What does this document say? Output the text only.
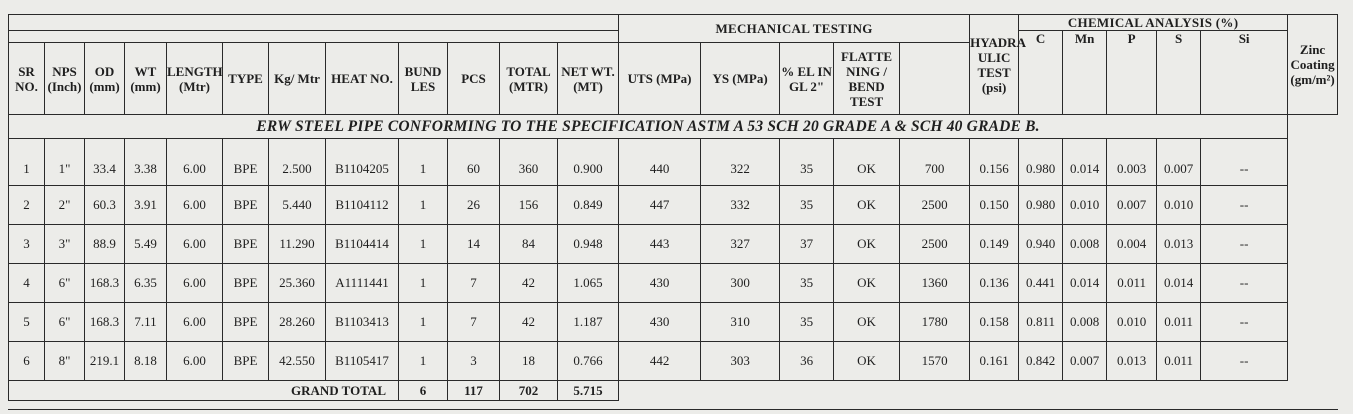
												MECHANICAL TESTING					HYADRA ULIC TEST (psi)	CHEMICAL ANALYSIS (%)					Zinc Coating (gm/m²)
																		C	Mn	P	S	Si	
SR NO.	NPS (Inch)	OD (mm)	WT (mm)	LENGTH (Mtr)	TYPE	Kg/ Mtr	HEAT NO.	BUND LES	PCS	TOTAL (MTR)	NET WT. (MT)	UTS (MPa)	YS (MPa)	% EL IN GL 2"	FLATTE NING / BEND TEST								
ERW STEEL PIPE CONFORMING TO THE SPECIFICATION ASTM A 53 SCH 20 GRADE A & SCH 40 GRADE B.																							
1	1"	33.4	3.38	6.00	BPE	2.500	B1104205	1	60	360	0.900	440	322	35	OK	700	0.156	0.980	0.014	0.003	0.007	--	
2	2"	60.3	3.91	6.00	BPE	5.440	B1104112	1	26	156	0.849	447	332	35	OK	2500	0.150	0.980	0.010	0.007	0.010	--	
3	3"	88.9	5.49	6.00	BPE	11.290	B1104414	1	14	84	0.948	443	327	37	OK	2500	0.149	0.940	0.008	0.004	0.013	--	
4	6"	168.3	6.35	6.00	BPE	25.360	A1111441	1	7	42	1.065	430	300	35	OK	1360	0.136	0.441	0.014	0.011	0.014	--	
5	6"	168.3	7.11	6.00	BPE	28.260	B1103413	1	7	42	1.187	430	310	35	OK	1780	0.158	0.811	0.008	0.010	0.011	--	
6	8"	219.1	8.18	6.00	BPE	42.550	B1105417	1	3	18	0.766	442	303	36	OK	1570	0.161	0.842	0.007	0.013	0.011	--	
GRAND TOTAL								6	117	702	5.715												
